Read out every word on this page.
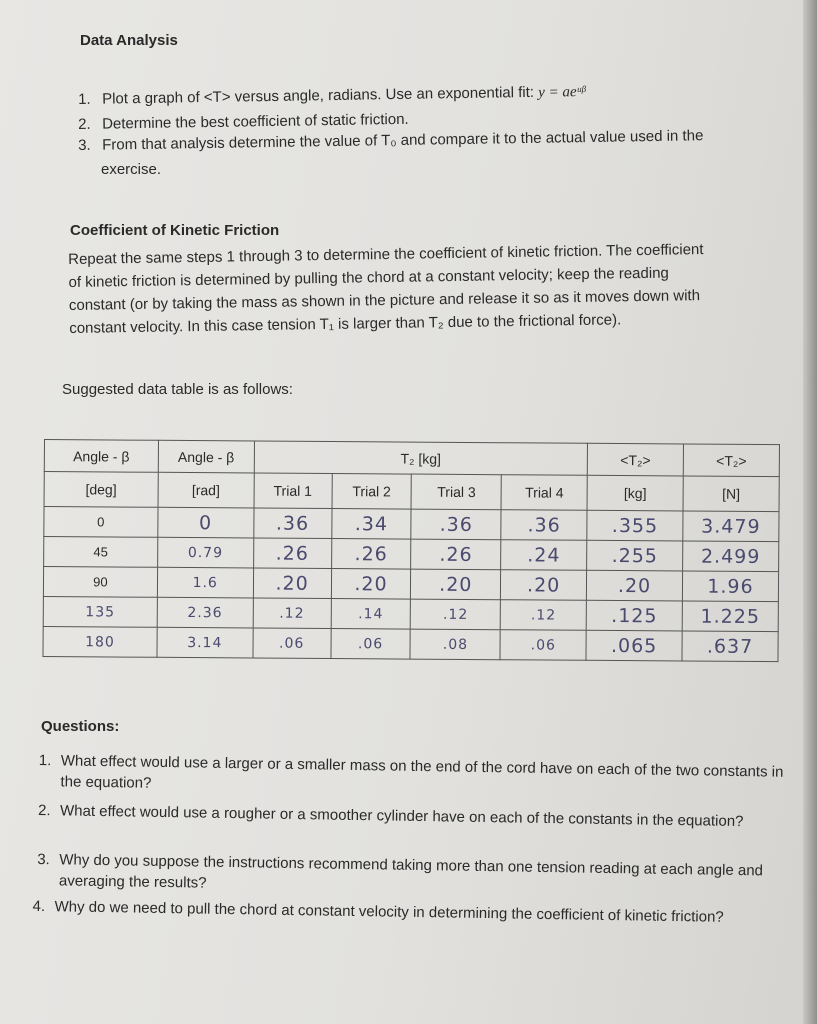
Data Analysis
1. Plot a graph of <T> versus angle, radians. Use an exponential fit: y = aeᵘᵝ
2. Determine the best coefficient of static friction.
3. From that analysis determine the value of T₀ and compare it to the actual value used in the
exercise.
Coefficient of Kinetic Friction
Repeat the same steps 1 through 3 to determine the coefficient of kinetic friction. The coefficient
of kinetic friction is determined by pulling the chord at a constant velocity; keep the reading
constant (or by taking the mass as shown in the picture and release it so as it moves down with
constant velocity. In this case tension T₁ is larger than T₂ due to the frictional force).
Suggested data table is as follows:
Angle - β	Angle - β	T₂ [kg]				<T₂>	<T₂>
[deg]	[rad]	Trial 1	Trial 2	Trial 3	Trial 4	[kg]	[N]
0	0	.36	.34	.36	.36	.355	3.479
45	0.79	.26	.26	.26	.24	.255	2.499
90	1.6	.20	.20	.20	.20	.20	1.96
135	2.36	.12	.14	.12	.12	.125	1.225
180	3.14	.06	.06	.08	.06	.065	.637
Questions:
1. What effect would use a larger or a smaller mass on the end of the cord have on each of the two constants in the equation?
2. What effect would use a rougher or a smoother cylinder have on each of the constants in the equation?
3. Why do you suppose the instructions recommend taking more than one tension reading at each angle and averaging the results?
4. Why do we need to pull the chord at constant velocity in determining the coefficient of kinetic friction?
